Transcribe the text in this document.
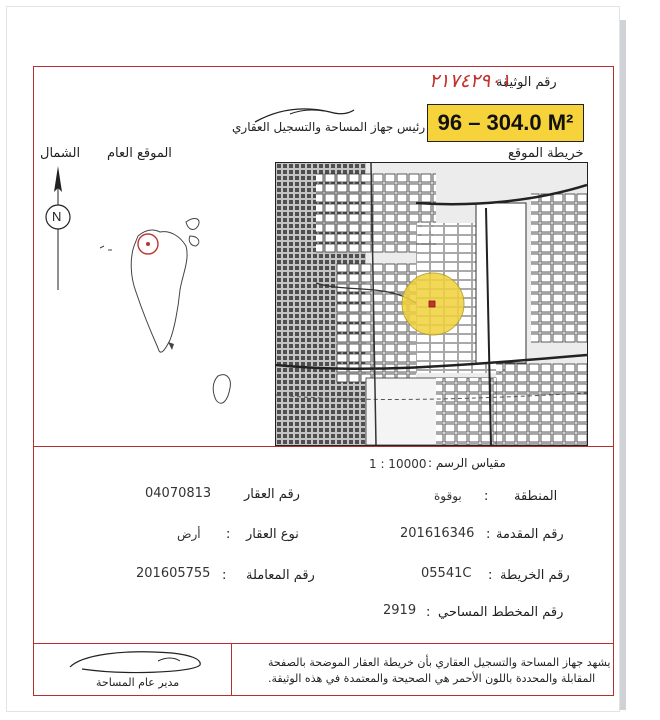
رقم الوثيقة
٢١٧٤٢٩٠١
رئيس جهاز المساحة والتسجيل العقاري 96 – 304.0 M²
خريطة الموقع
الموقع العام
الشمال
N
مقياس الرسم :
1 : 10000
المنطقة
:
بوقوة
رقم العقار
04070813
رقم المقدمة
:
201616346
نوع العقار
:
أرض
رقم الخريطة
:
05541C
رقم المعاملة
:
201605755
رقم المخطط المساحي
:
2919
مدير عام المساحة
يشهد جهاز المساحة والتسجيل العقاري بأن خريطة العقار الموضحة بالصفحة
المقابلة والمحددة باللون الأحمر هي الصحيحة والمعتمدة في هذه الوثيقة.
